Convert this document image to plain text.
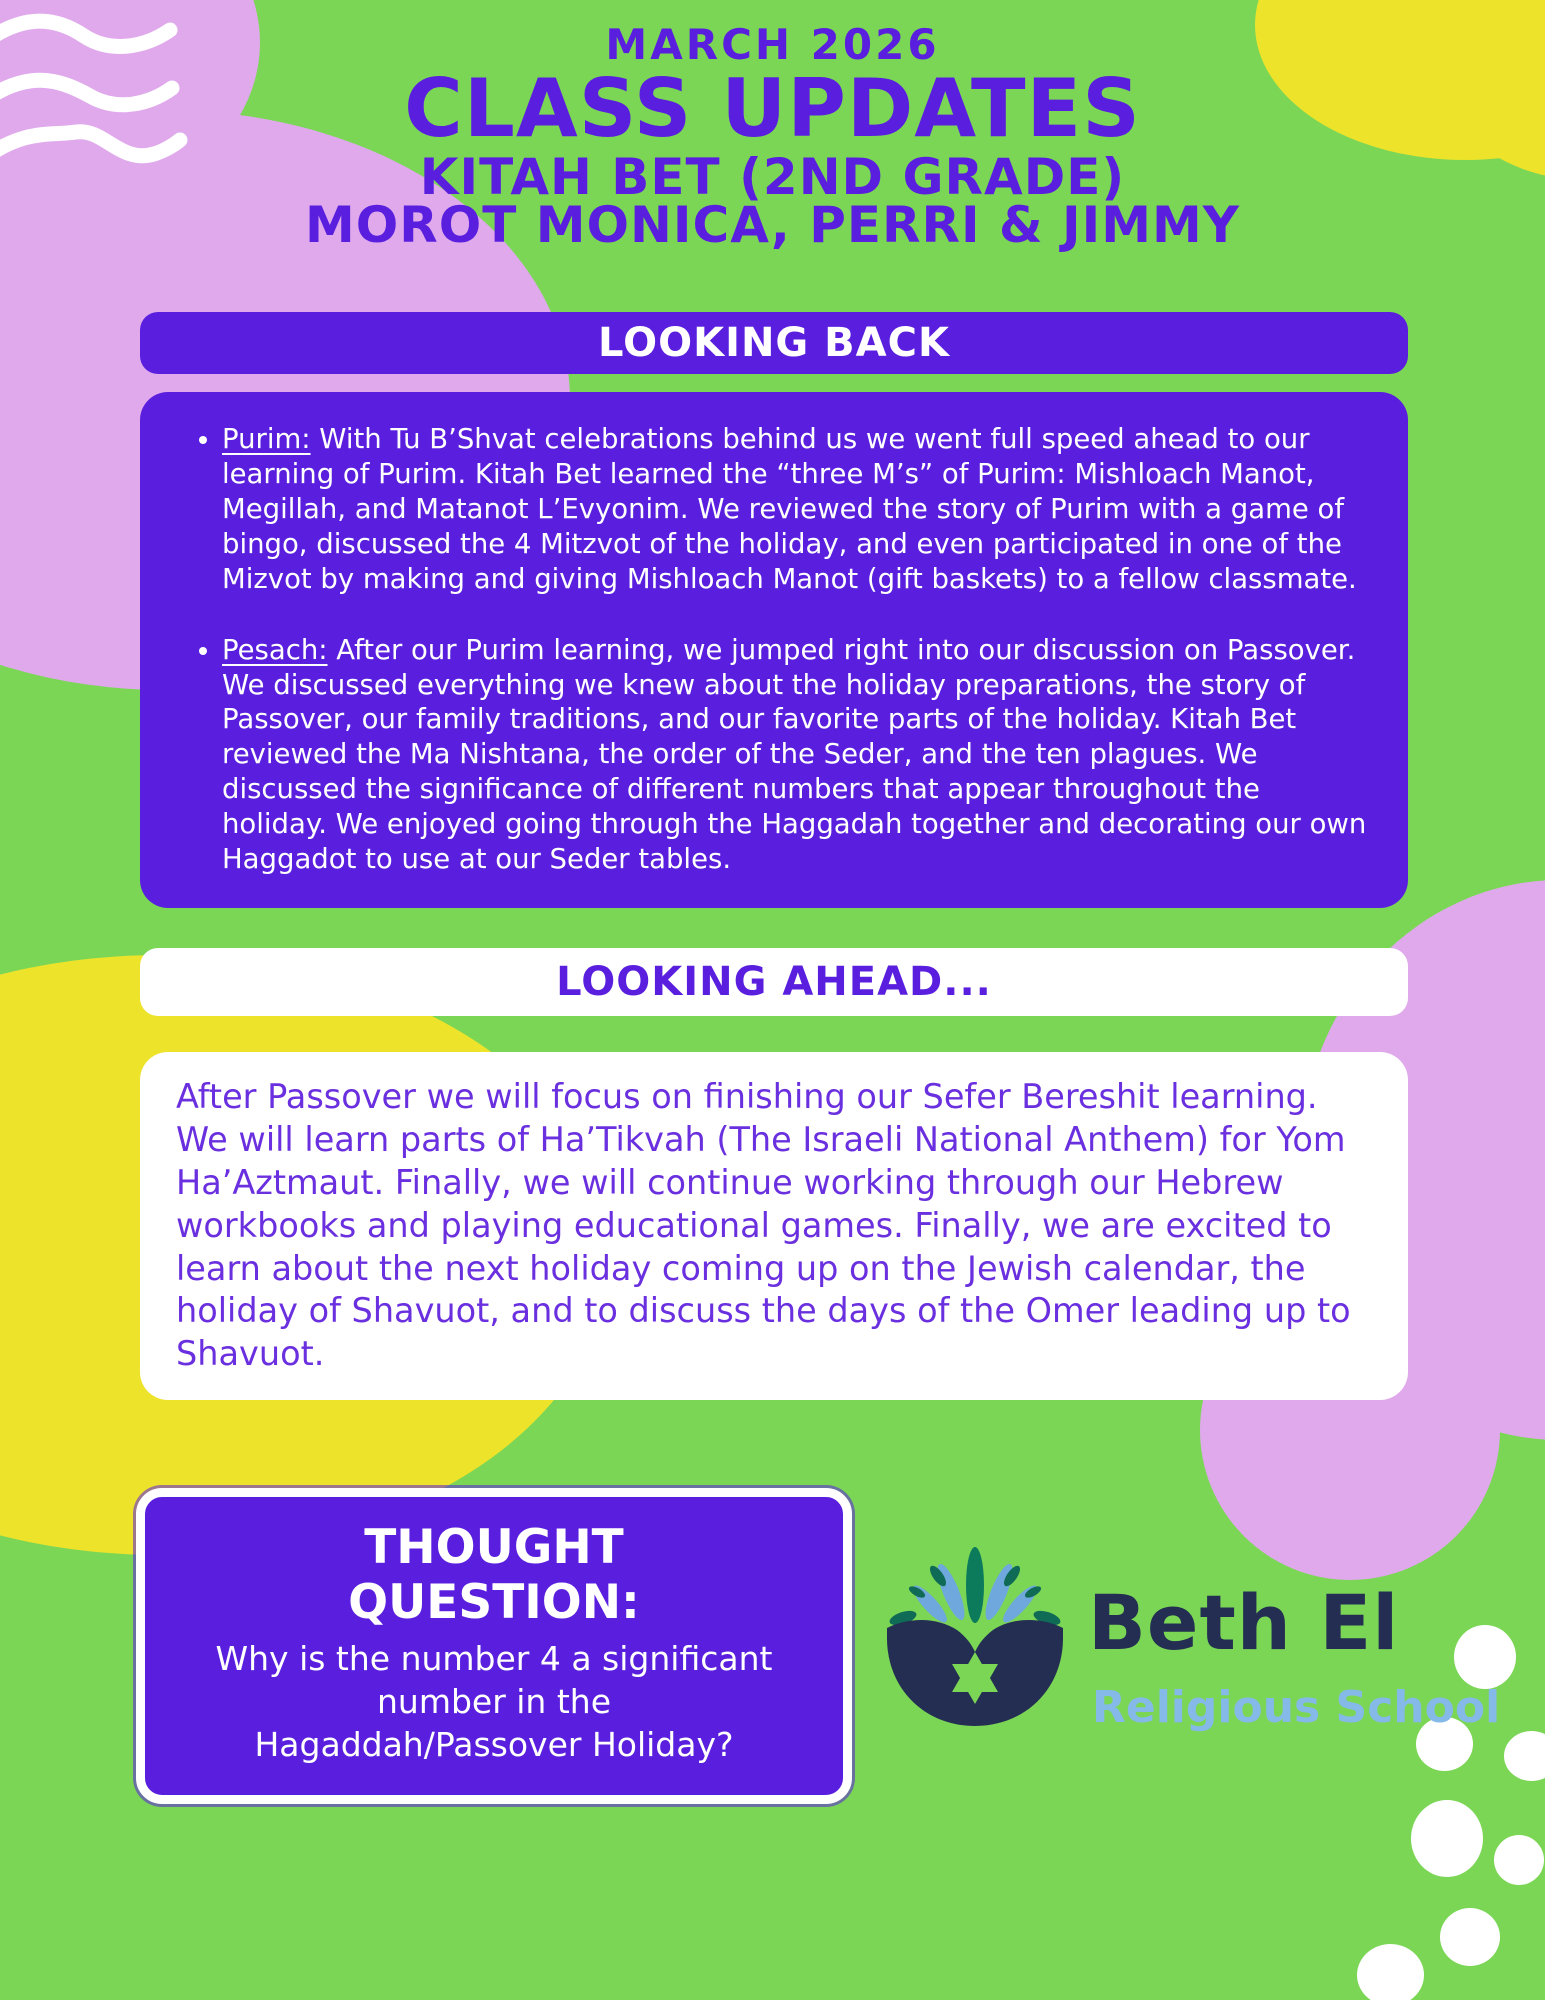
MARCH 2026
CLASS UPDATES
KITAH BET (2ND GRADE)
MOROT MONICA, PERRI & JIMMY
LOOKING BACK
• Purim: With Tu B’Shvat celebrations behind us we went full speed ahead to our learning of Purim. Kitah Bet learned the “three M’s” of Purim: Mishloach Manot, Megillah, and Matanot L’Evyonim. We reviewed the story of Purim with a game of bingo, discussed the 4 Mitzvot of the holiday, and even participated in one of the Mizvot by making and giving Mishloach Manot (gift baskets) to a fellow classmate.
• Pesach: After our Purim learning, we jumped right into our discussion on Passover. We discussed everything we knew about the holiday preparations, the story of Passover, our family traditions, and our favorite parts of the holiday. Kitah Bet reviewed the Ma Nishtana, the order of the Seder, and the ten plagues. We discussed the significance of different numbers that appear throughout the holiday. We enjoyed going through the Haggadah together and decorating our own Haggadot to use at our Seder tables.
LOOKING AHEAD...
After Passover we will focus on finishing our Sefer Bereshit learning. We will learn parts of Ha’Tikvah (The Israeli National Anthem) for Yom Ha’Aztmaut. Finally, we will continue working through our Hebrew workbooks and playing educational games. Finally, we are excited to learn about the next holiday coming up on the Jewish calendar, the holiday of Shavuot, and to discuss the days of the Omer leading up to Shavuot.
THOUGHT QUESTION:
Why is the number 4 a significant number in the Hagaddah/Passover Holiday?
Beth El
Religious School
